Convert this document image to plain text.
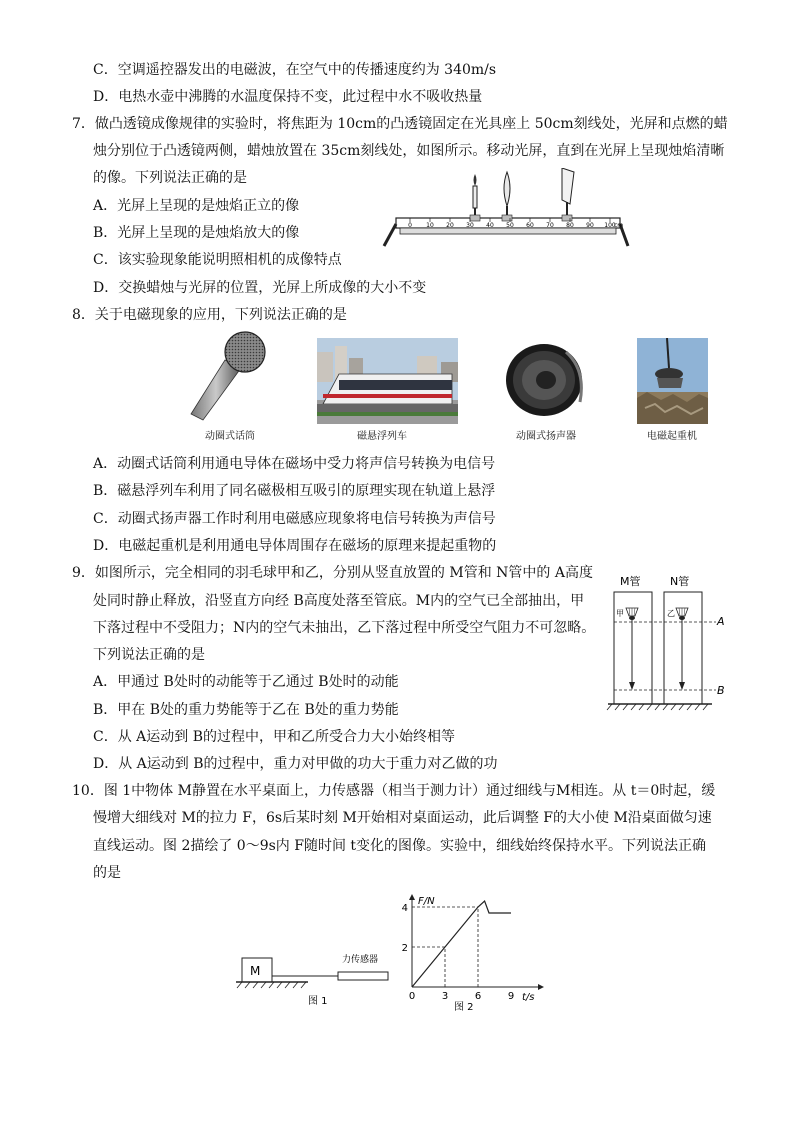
C．空调遥控器发出的电磁波，在空气中的传播速度约为 340m/s
D．电热水壶中沸腾的水温度保持不变，此过程中水不吸收热量
7．做凸透镜成像规律的实验时，将焦距为 10cm的凸透镜固定在光具座上 50cm刻线处，光屏和点燃的蜡
烛分别位于凸透镜两侧，蜡烛放置在 35cm刻线处，如图所示。移动光屏，直到在光屏上呈现烛焰清晰
的像。下列说法正确的是
A．光屏上呈现的是烛焰正立的像
B．光屏上呈现的是烛焰放大的像
C．该实验现象能说明照相机的成像特点
D．交换蜡烛与光屏的位置，光屏上所成像的大小不变
0 10 20 30 40 50 60 70 80 90 100
cm
8．关于电磁现象的应用，下列说法正确的是
动圈式话筒	磁悬浮列车	动圈式扬声器	电磁起重机
A．动圈式话筒利用通电导体在磁场中受力将声信号转换为电信号
B．磁悬浮列车利用了同名磁极相互吸引的原理实现在轨道上悬浮
C．动圈式扬声器工作时利用电磁感应现象将电信号转换为声信号
D．电磁起重机是利用通电导体周围存在磁场的原理来提起重物的
9．如图所示，完全相同的羽毛球甲和乙，分别从竖直放置的 M管和 N管中的 A高度
处同时静止释放，沿竖直方向经 B高度处落至管底。M内的空气已全部抽出，甲
下落过程中不受阻力；N内的空气未抽出，乙下落过程中所受空气阻力不可忽略。
下列说法正确的是
A．甲通过 B处时的动能等于乙通过 B处时的动能
B．甲在 B处的重力势能等于乙在 B处的重力势能
C．从 A运动到 B的过程中，甲和乙所受合力大小始终相等
D．从 A运动到 B的过程中，重力对甲做的功大于重力对乙做的功
M管	N管
A
B
甲	乙
10．图 1中物体 M静置在水平桌面上，力传感器（相当于测力计）通过细线与M相连。从 t＝0时起，缓
慢增大细线对 M的拉力 F，6s后某时刻 M开始相对桌面运动，此后调整 F的大小使 M沿桌面做匀速
直线运动。图 2描绘了 0～9s内 F随时间 t变化的图像。实验中，细线始终保持水平。下列说法正确
的是
M
力传感器
图 1
F/N
t/s
0	3	6	9
2
4
图 2
